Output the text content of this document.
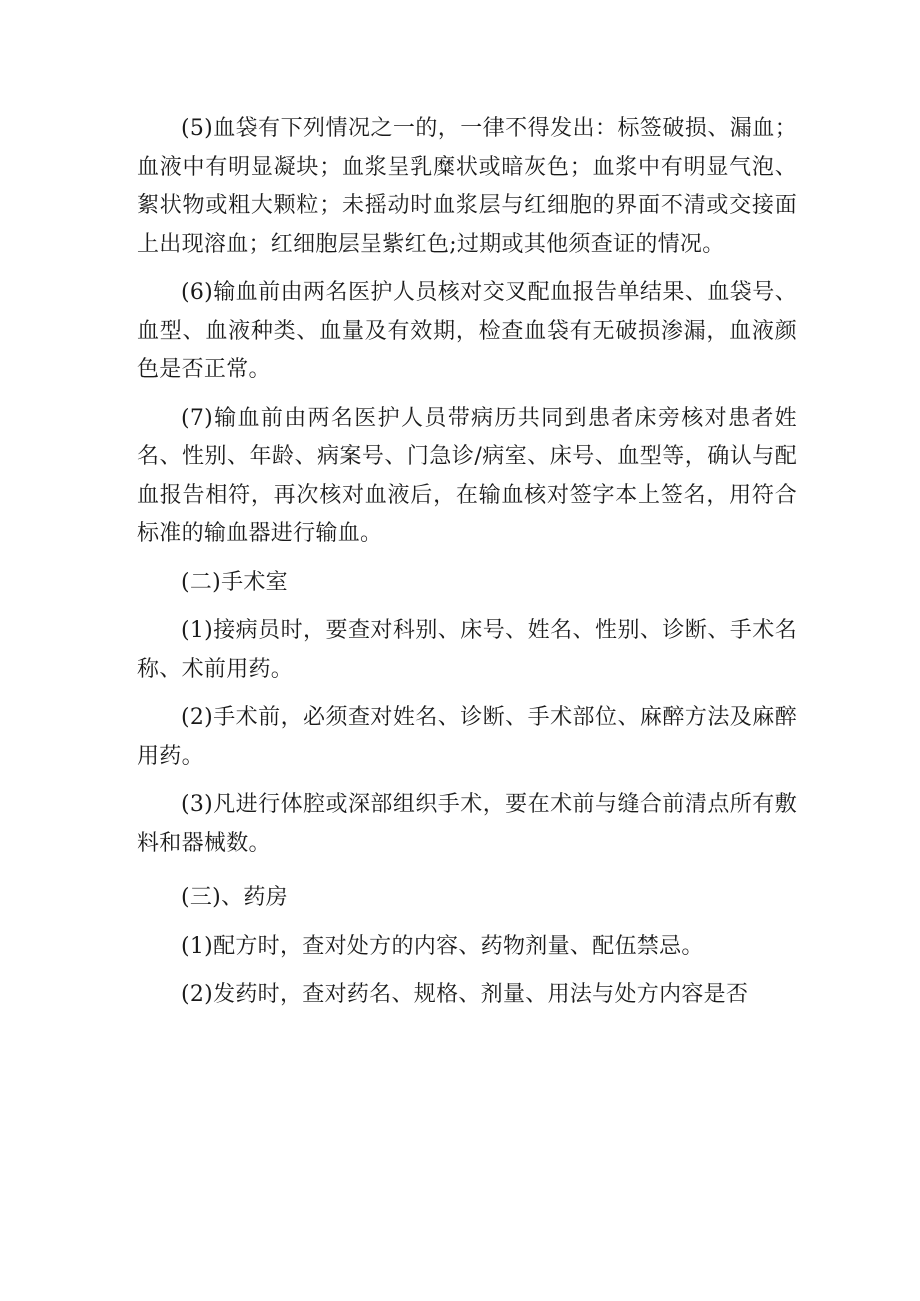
(5)血袋有下列情况之一的，一律不得发出：标签破损、漏血；血液中有明显凝块；血浆呈乳糜状或暗灰色；血浆中有明显气泡、絮状物或粗大颗粒；未摇动时血浆层与红细胞的界面不清或交接面上出现溶血；红细胞层呈紫红色;过期或其他须查证的情况。

(6)输血前由两名医护人员核对交叉配血报告单结果、血袋号、血型、血液种类、血量及有效期，检查血袋有无破损渗漏，血液颜色是否正常。

(7)输血前由两名医护人员带病历共同到患者床旁核对患者姓名、性别、年龄、病案号、门急诊/病室、床号、血型等，确认与配血报告相符，再次核对血液后，在输血核对签字本上签名，用符合标准的输血器进行输血。

(二)手术室

(1)接病员时，要查对科别、床号、姓名、性别、诊断、手术名称、术前用药。

(2)手术前，必须查对姓名、诊断、手术部位、麻醉方法及麻醉用药。

(3)凡进行体腔或深部组织手术，要在术前与缝合前清点所有敷料和器械数。

(三)、药房

(1)配方时，查对处方的内容、药物剂量、配伍禁忌。

(2)发药时，查对药名、规格、剂量、用法与处方内容是否
